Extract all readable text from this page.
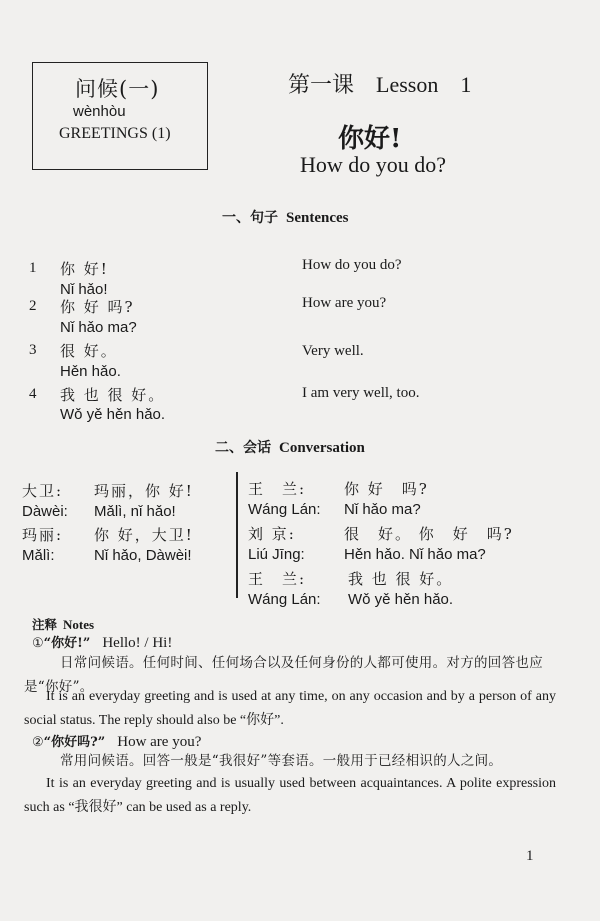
问候(一)
wènhòu
GREETINGS (1)
第一课　Lesson　1
你好!
How do you do?
一、句子 Sentences
1 你 好!
Nǐ hǎo!
How do you do?
2 你 好 吗?
Nǐ hǎo ma?
How are you?
3 很 好。
Hěn hǎo.
Very well.
4 我 也 很 好。
Wǒ yě hěn hǎo.
I am very well, too.
二、会话 Conversation
大卫: 玛丽，你 好!
Dàwèi: Mǎlì, nǐ hǎo!
玛丽: 你 好，大卫!
Mǎlì:	Nǐ hǎo, Dàwèi!
王　兰:	你 好　吗?
Wáng Lán: Nǐ hǎo ma?
刘 京:	很　好。 你　好　吗?
Liú Jīng:	Hěn hǎo. Nǐ hǎo ma?
王　兰:	我 也 很 好。
Wáng Lán: Wǒ yě hěn hǎo.
注释 Notes
①“你好!” Hello! / Hi!
日常问候语。任何时间、任何场合以及任何身份的人都可使用。对方的回答也应是“你好”。
It is an everyday greeting and is used at any time, on any occasion and by a person of any social status. The reply should also be “你好”.
②“你好吗?” How are you?
常用问候语。回答一般是“我很好”等套语。一般用于已经相识的人之间。
It is an everyday greeting and is usually used between acquaintances. A polite expression such as “我很好” can be used as a reply.
1
